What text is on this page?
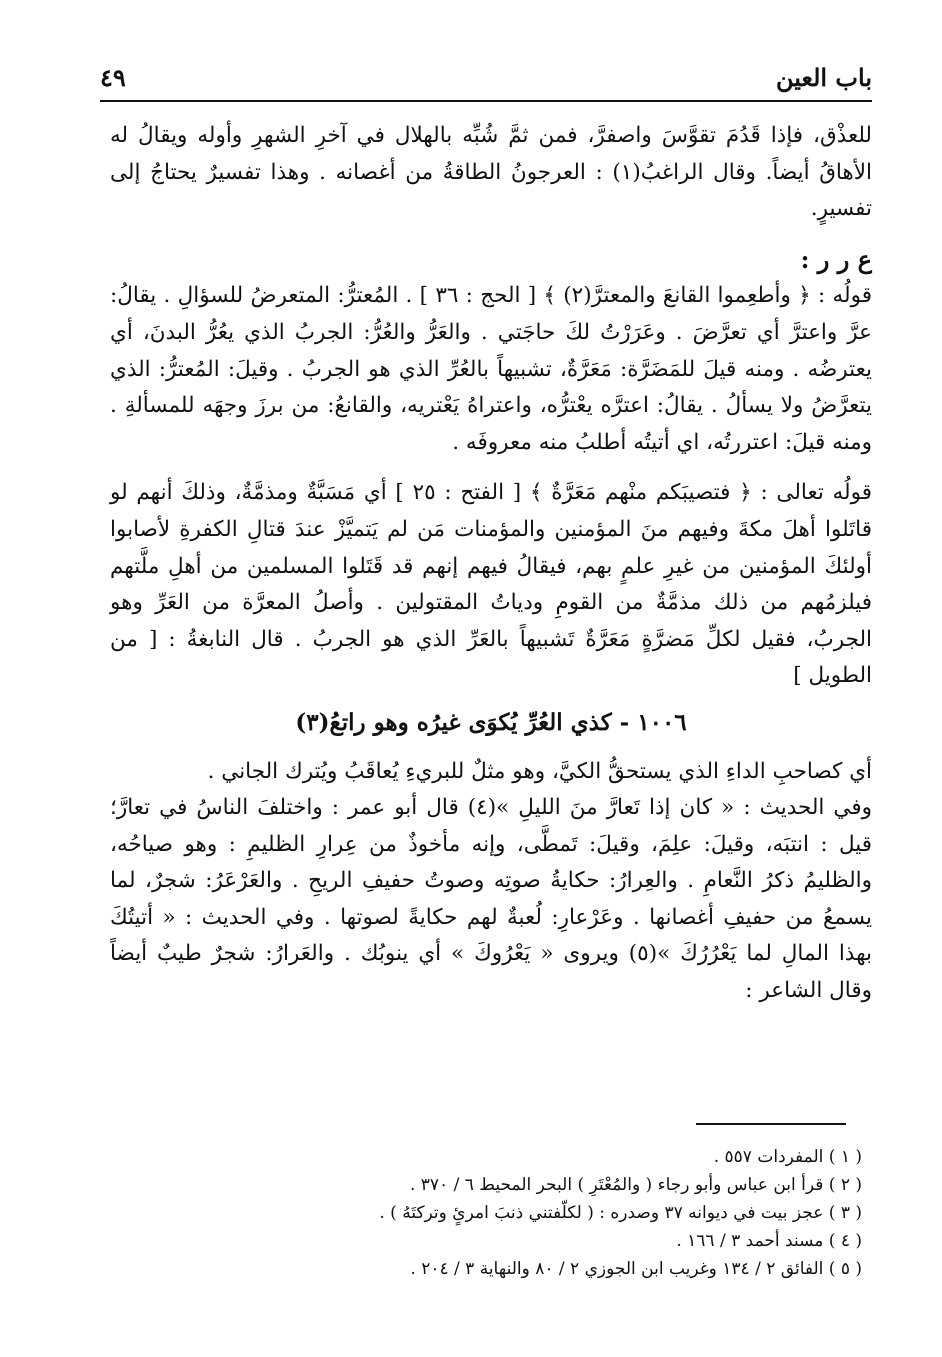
باب العين
٤٩

للعذْق، فإذا قَدُمَ تقوَّسَ واصفرَّ، فمن ثمَّ شُبِّه بالهلال في آخرِ الشهرِ وأوله ويقالُ له الأهاقُ أيضاً. وقال الراغبُ(١) : العرجونُ الطاقةُ من أغصانه . وهذا تفسيرٌ يحتاجُ إلى تفسيرٍ.

ع ر ر :

قولُه : ﴿ وأطعِموا القانعَ والمعترَّ(٢) ﴾ [ الحج : ٣٦ ] . المُعترُّ: المتعرضُ للسؤالِ . يقالُ: عرَّ واعترَّ أي تعرَّضَ . وعَرَرْتُ لكَ حاجَتي . والعَرُّ والعُرُّ: الجربُ الذي يعُرُّ البدنَ، أي يعترضُه . ومنه قيلَ للمَضَرَّة: مَعَرَّةٌ، تشبيهاً بالعُرِّ الذي هو الجربُ . وقيلَ: المُعترُّ: الذي يتعرَّضُ ولا يسألُ . يقالُ: اعترَّه يعْترُّه، واعتراهُ يَعْتريه، والقانعُ: من برزَ وجهَه للمسألةِ . ومنه قيلَ: اعتررتُه، اي أتيتُه أطلبُ منه معروفَه .

قولُه تعالى : ﴿ فتصيبَكم منْهم مَعَرَّةٌ ﴾ [ الفتح : ٢٥ ] أي مَسَبَّةٌ ومذمَّةٌ، وذلكَ أنهم لو قاتَلوا أهلَ مكةَ وفيهم منَ المؤمنين والمؤمنات مَن لم يَتميَّزْ عندَ قتالِ الكفرةِ لأصابوا أولئكَ المؤمنين من غيرِ علمٍ بهم، فيقالُ فيهم إنهم قد قَتَلوا المسلمين من أهلِ ملَّتهم فيلزمُهم من ذلك مذمَّةٌ من القومِ ودياتُ المقتولين . وأصلُ المعرَّة من العَرِّ وهو الجربُ، فقيل لكلِّ مَضرَّةٍ مَعَرَّةٌ تَشبيهاً بالعَرِّ الذي هو الجربُ . قال النابغةُ : [ من الطويل ]

١٠٠٦ - كذي العُرِّ يُكوَى غيرُه وهو راتعُ(٣)

أي كصاحبِ الداءِ الذي يستحقُّ الكيَّ، وهو مثلٌ للبريءِ يُعاقَبُ ويُترك الجاني .

وفي الحديث : « كان إذا تَعارَّ منَ الليلِ »(٤) قال أبو عمر : واختلفَ الناسُ في تعارَّ؛ قيل : انتبَه، وقيلَ: علِمَ، وقيلَ: تَمطَّى، وإنه مأخوذٌ من عِرارِ الظليمِ : وهو صياحُه، والظليمُ ذكرُ النَّعامِ . والعِرارُ: حكايةُ صوتِه وصوتُ حفيفِ الريحِ . والعَرْعَرُ: شجرٌ، لما يسمعُ من حفيفِ أغصانها . وعَرْعارِ: لُعبةٌ لهم حكايةً لصوتها . وفي الحديث : « أتيتُكَ بهذا المالِ لما يَعْرُرُكَ »(٥) ويروى « يَعْرُوكَ » أي ينوبُك . والعَرارُ: شجرٌ طيبٌ أيضاً وقال الشاعر :

( ١ ) المفردات ٥٥٧ .

( ٢ ) قرأ ابن عباس وأبو رجاء ( والمُعْتَرِ ) البحر المحيط ٦ / ٣٧٠ .

( ٣ ) عجز بيت في ديوانه ٣٧ وصدره : ( لكلّفتني ذنبَ امرئٍ وتركتَهُ ) .

( ٤ ) مسند أحمد ٣ / ١٦٦ .

( ٥ ) الفائق ٢ / ١٣٤ وغريب ابن الجوزي ٢ / ٨٠ والنهاية ٣ / ٢٠٤ .
